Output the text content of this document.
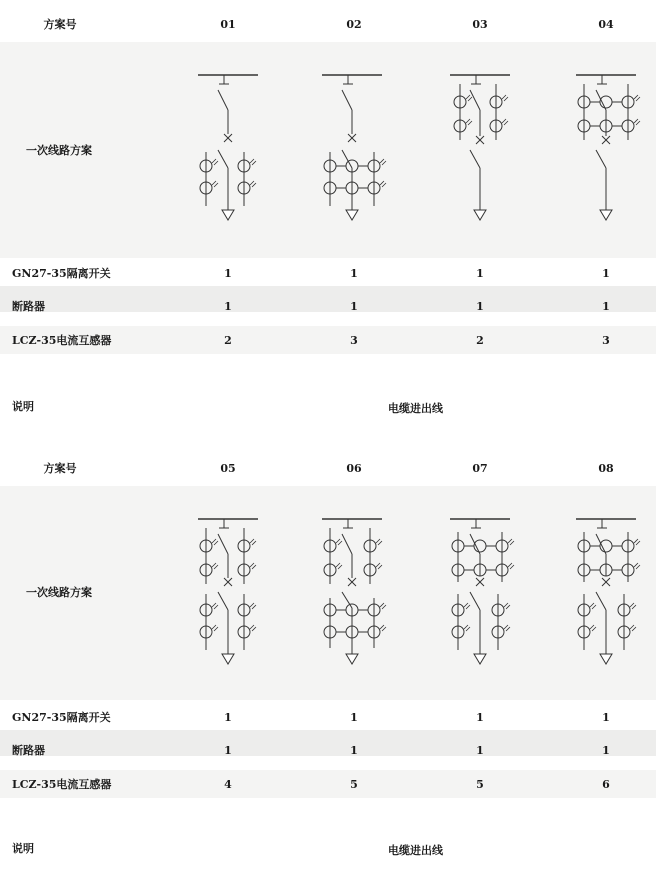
方案号	01	02	03	04
一次线路方案
GN27-35隔离开关	1	1	1	1
断路器	1	1	1	1
LCZ-35电流互感器	2	3	2	3
说明	电缆进出线
方案号	05	06	07	08
一次线路方案
GN27-35隔离开关	1	1	1	1
断路器	1	1	1	1
LCZ-35电流互感器	4	5	5	6
说明	电缆进出线
